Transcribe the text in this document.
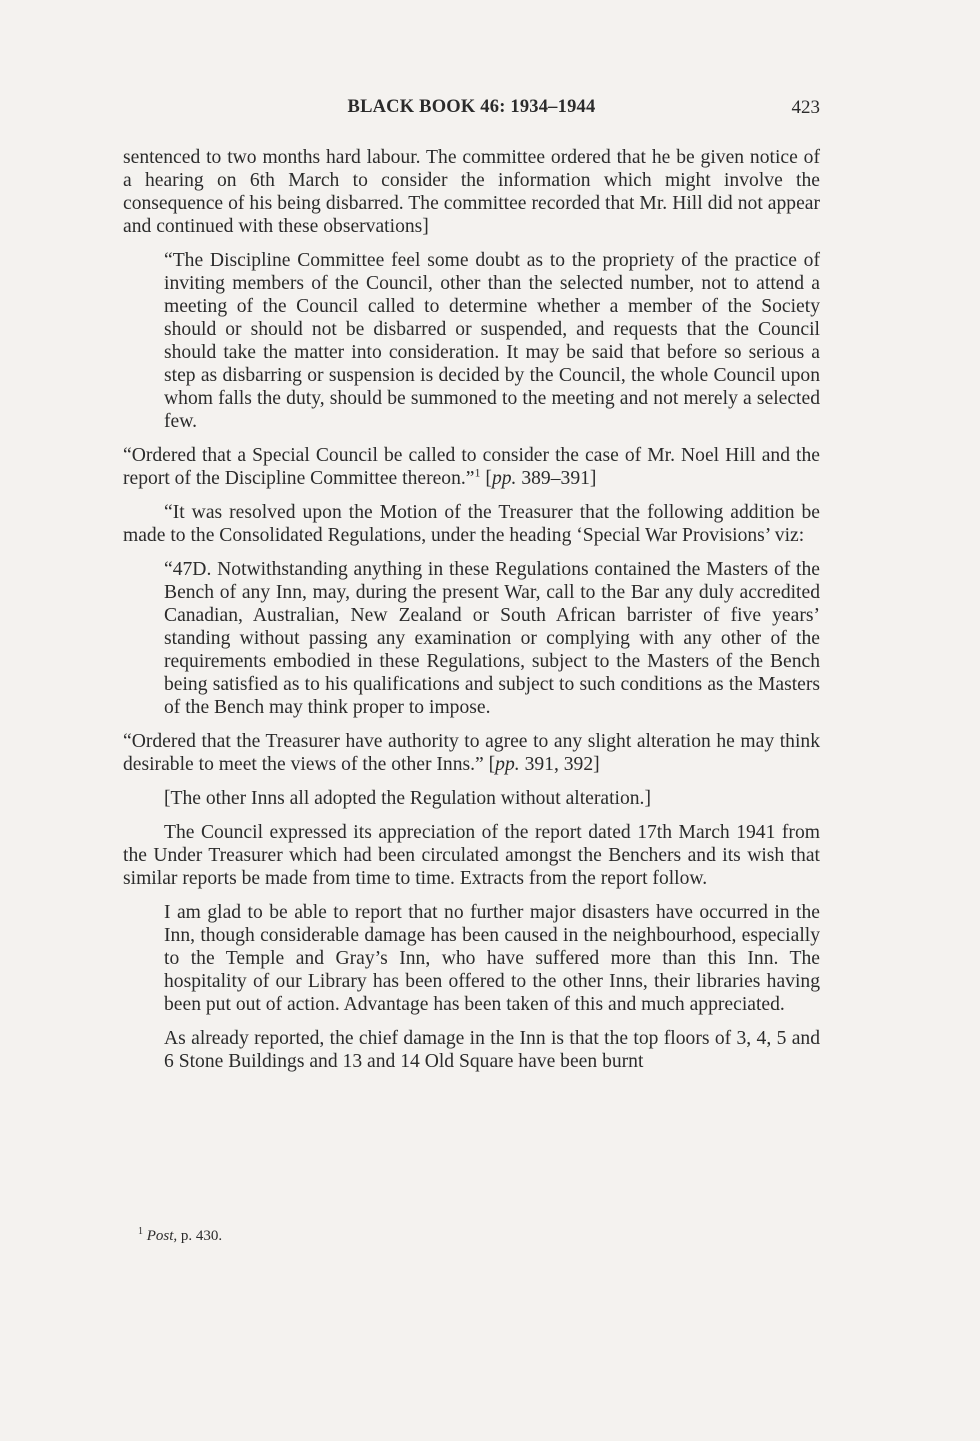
BLACK BOOK 46: 1934–1944	423

sentenced to two months hard labour. The committee ordered that he be given notice of a hearing on 6th March to consider the information which might involve the consequence of his being disbarred. The committee recorded that Mr. Hill did not appear and continued with these observations]

“The Discipline Committee feel some doubt as to the propriety of the practice of inviting members of the Council, other than the selected number, not to attend a meeting of the Council called to determine whether a member of the Society should or should not be disbarred or suspended, and requests that the Council should take the matter into consideration. It may be said that before so serious a step as disbarring or suspension is decided by the Council, the whole Council upon whom falls the duty, should be summoned to the meeting and not merely a selected few.

“Ordered that a Special Council be called to consider the case of Mr. Noel Hill and the report of the Discipline Committee thereon.”$^1$ [pp. 389–391]

“It was resolved upon the Motion of the Treasurer that the following addition be made to the Consolidated Regulations, under the heading ‘Special War Provisions’ viz:

“47D. Notwithstanding anything in these Regulations contained the Masters of the Bench of any Inn, may, during the present War, call to the Bar any duly accredited Canadian, Australian, New Zealand or South African barrister of five years’ standing without passing any examination or complying with any other of the requirements embodied in these Regulations, subject to the Masters of the Bench being satisfied as to his qualifications and subject to such conditions as the Masters of the Bench may think proper to impose.

“Ordered that the Treasurer have authority to agree to any slight alteration he may think desirable to meet the views of the other Inns.” [pp. 391, 392]

[The other Inns all adopted the Regulation without alteration.]

The Council expressed its appreciation of the report dated 17th March 1941 from the Under Treasurer which had been circulated amongst the Benchers and its wish that similar reports be made from time to time. Extracts from the report follow.

I am glad to be able to report that no further major disasters have occurred in the Inn, though considerable damage has been caused in the neighbourhood, especially to the Temple and Gray’s Inn, who have suffered more than this Inn. The hospitality of our Library has been offered to the other Inns, their libraries having been put out of action. Advantage has been taken of this and much appreciated.

As already reported, the chief damage in the Inn is that the top floors of 3, 4, 5 and 6 Stone Buildings and 13 and 14 Old Square have been burnt

$^1$ Post, p. 430.
